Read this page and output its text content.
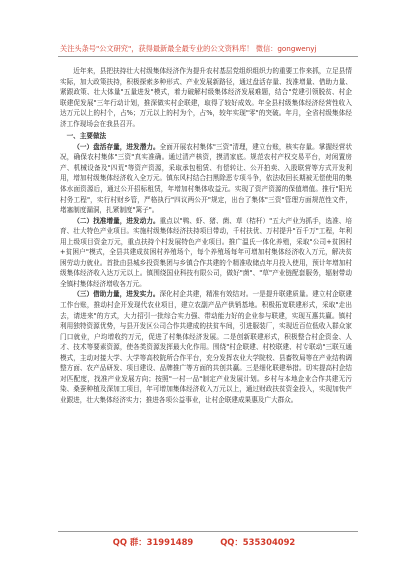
关注头条号"公文研究"，获得最新最全最专业的公文资料库！ 微信：gongwenyj

近年来，县把扶持壮大村级集体经济作为提升农村基层党组织组织力的重要工作来抓，立足县情实际，加大政策扶持，积极探索多种形式、产业发展新路径，通过盘活存量、找准增量、借助力量、紧跟政策、壮大体量"五量进发"模式，着力破解村级集体经济发展难题，结合"党建引领脱贫、村企联建促发展"三年行动计划，推深做实村企联建，取得了较好成效。年全县村级集体经济经营性收入达万元以上的村个，占%；万元以上的村为个，占%，较年实现"零"的突破。年月，全省村级集体经济工作现场会在我县召开。

一、主要做法

（一）盘活存量，进发潜力。全面开展农村集体"三资"清理，建立台账，核实存量。掌握经营状况，确保农村集体"三资"真实准确。通过清产核资，摸清家底。规范农村产权交易平台，对闲置房产、机械设备及"四荒"等资产资源，采取承包租赁、有偿转让、公开拍卖、入股联营等方式开发利用，增加村级集体经济收入全万元。镇东风村结合扫黑除恶专项斗争，依法收回长期被无偿使用的集体水面资源后，通过公开招标租赁，年增加村集体收益元。实现了资产资源的保值增值。推行"阳光村务工程"，实行村财乡管，严格执行"四议两公开"规定，出台了集体"三资"管理方面规范性文件，堵塞制度漏洞，扎紧制度"篱子"。

（二）找准增量，进发动力。重点以"鸭、虾、猪、菌、草（桔杆）"五大产业为抓手，选准、培育、壮大特色产业项目。实施村级集体经济扶持项目带动，千村扶优、万村提升"百千万"工程，年利用上级项目资金万元，重点扶持个村发展特色产业项目。推广温氏一体化养殖，采取"公司+贫困村+贫困户"模式，全县共建成贫困村养殖场个，每个养殖场每年可增加村集体经济收入万元，解决贫困劳动力就业。首批由县城乡投资集团与乡镇合作共建的个精准收储点年月投入使用，预计年增加村级集体经济收入达万元以上。镇围绕国业科技有限公司，做好"菌"、"草"产业链配套服务，辐射带动全镇村集体经济增收各万元。

（三）借助力量，进发实力。深化村企共建，精准有效结对。一是提升联建质量。建立村企联建工作台账，推动村企开发现代农业项目，建立农副产品产供销基地。积极拓宽联建形式，采取"走出去，请进来"的方式，大力招引一批综合实力强、带动能力好的企业参与联建，实现互惠共赢。镇村利用独特资源优势，与县开发区公司合作共建成的扶贫车间，引进服装厂，实现近百位低收入群众家门口就业，户均增收约万元，促进了村集体经济发展。二是创新联建形式，积极整合村企资金、人才、技术等要素资源，使各类资源发挥最大化作用。围绕"村企联建、村校联建、村专联动"三联互通模式，主动对接大学、大学等高校院所合作平台，充分发挥农业大学院校、县畜牧局等在产业结构调整方面、农产品研发、项目建设、品牌推广等方面的共创共赢。三是细化联建举措。切实提高村企结对匹配度，找准产业发展方向；按照"一村一品"制定产业发展计划。乡村与本地企业合作共建无污染、桑蚕种植及深加工项目，年可增加集体经济收入万元以上，通过财政扶贫资金投入，实现加快产业跟进，壮大集体经济实力；推进各项公益事业，让村企联建成果惠及广大群众。

QQ 群：31991489	QQ：535304092
